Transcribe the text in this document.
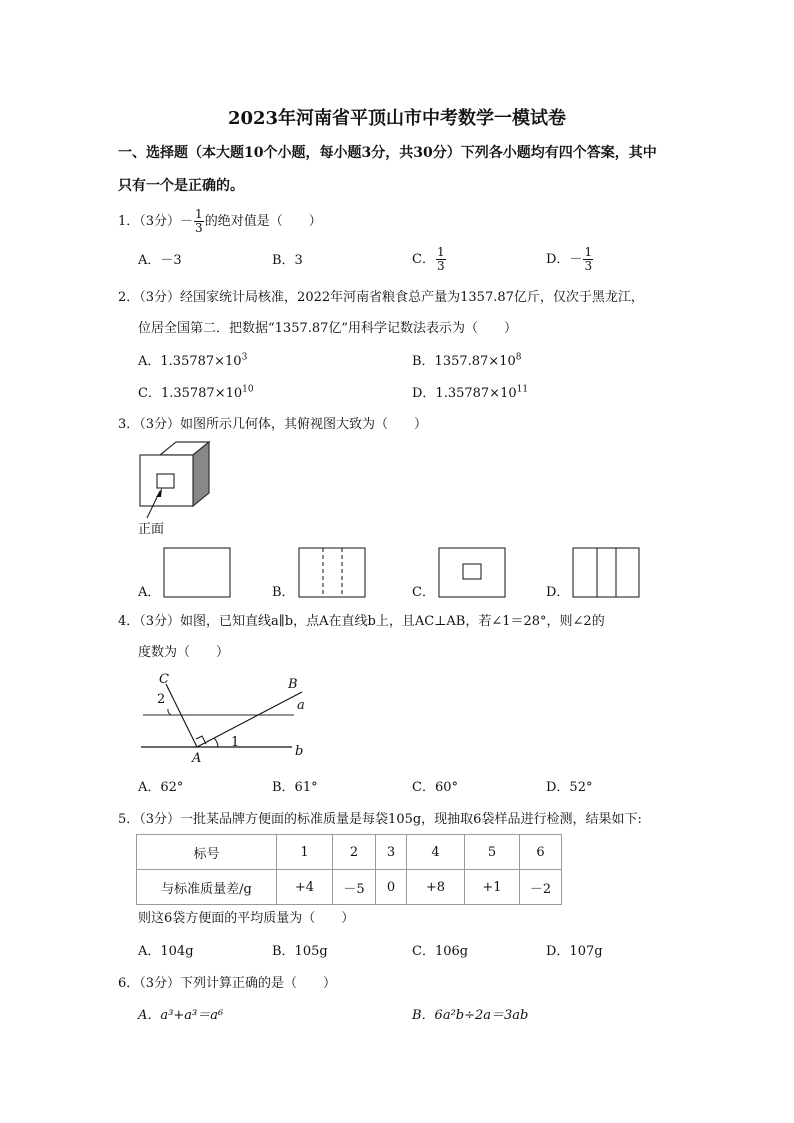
2023年河南省平顶山市中考数学一模试卷
一、选择题（本大题10个小题，每小题3分，共30分）下列各小题均有四个答案，其中
只有一个是正确的。
1．（3分）－ $\frac{1}{3}$ 的绝对值是（　　）
A．－3	B．3	C． $\frac{1}{3}$	D．－ $\frac{1}{3}$
2．（3分）经国家统计局核准，2022年河南省粮食总产量为1357.87亿斤，仅次于黑龙江，
位居全国第二．把数据“1357.87亿”用科学记数法表示为（　　）
A．$1.35787\times 10^3$	B．$1357.87\times 10^8$
C．$1.35787\times 10^{10}$	D．$1.35787\times 10^{11}$
3．（3分）如图所示几何体，其俯视图大致为（　　）
正面
A．	B．	C．	D．
4．（3分）如图，已知直线a∥b，点A在直线b上，且AC⊥AB，若∠1＝28°，则∠2的
度数为（　　）
C	B
2	a
1
A	b
A．62°	B．61°	C．60°	D．52°
5．（3分）一批某品牌方便面的标准质量是每袋105g，现抽取6袋样品进行检测，结果如下:
标号	1	2	3	4	5	6
与标准质量差/g	+4	－5	0	+8	+1	－2
则这6袋方便面的平均质量为（　　）
A．104g	B．105g	C．106g	D．107g
6．（3分）下列计算正确的是（　　）
A．a³+a³＝a⁶	B．6a²b÷2a＝3ab
